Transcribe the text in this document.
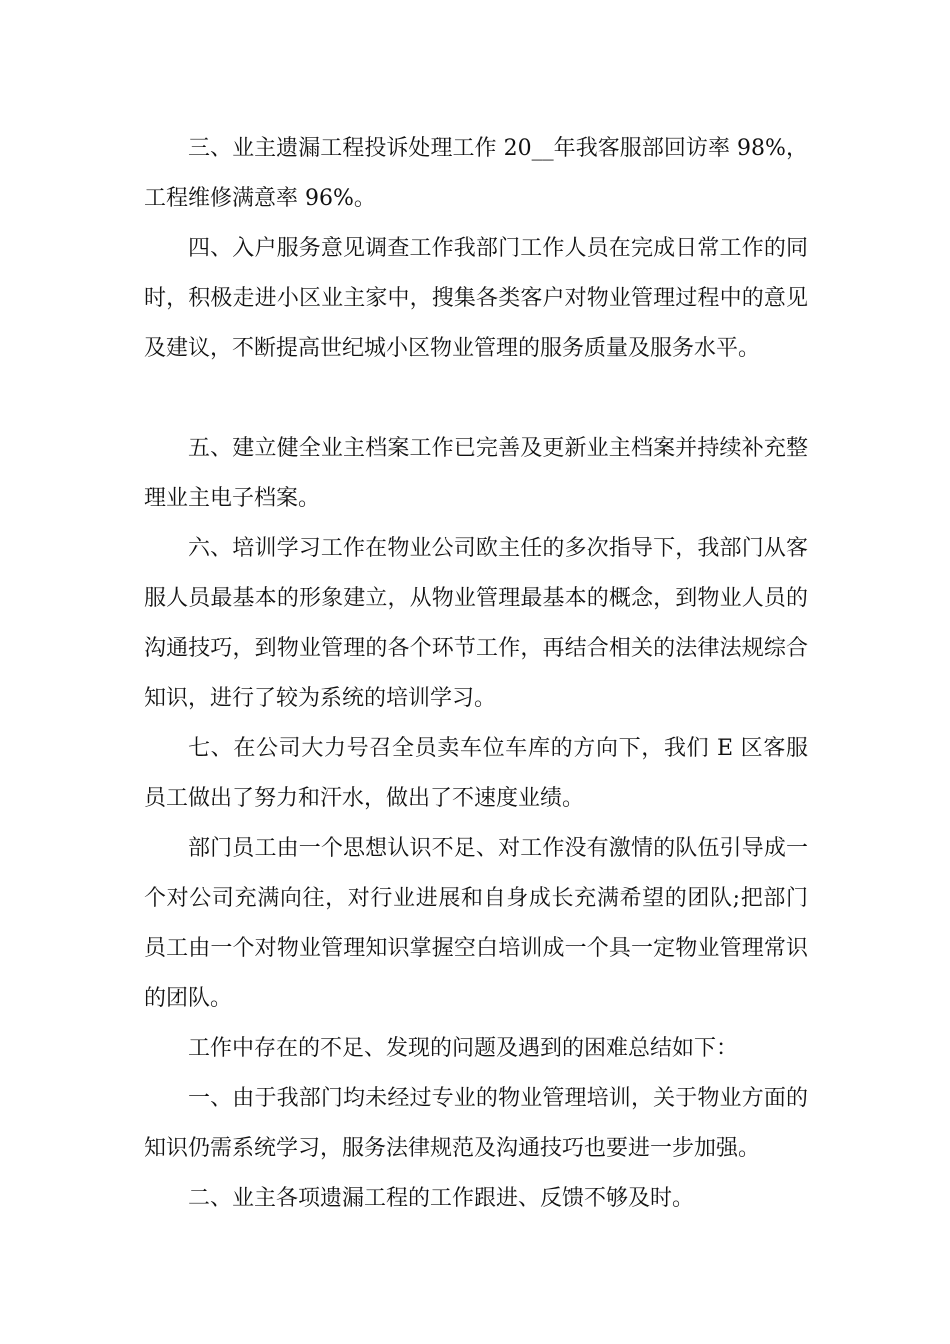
三、业主遗漏工程投诉处理工作 20__年我客服部回访率 98%，工程维修满意率 96%。

四、入户服务意见调查工作我部门工作人员在完成日常工作的同时，积极走进小区业主家中，搜集各类客户对物业管理过程中的意见及建议，不断提高世纪城小区物业管理的服务质量及服务水平。

五、建立健全业主档案工作已完善及更新业主档案并持续补充整理业主电子档案。

六、培训学习工作在物业公司欧主任的多次指导下，我部门从客服人员最基本的形象建立，从物业管理最基本的概念，到物业人员的沟通技巧，到物业管理的各个环节工作，再结合相关的法律法规综合知识，进行了较为系统的培训学习。

七、在公司大力号召全员卖车位车库的方向下，我们 E 区客服员工做出了努力和汗水，做出了不速度业绩。

部门员工由一个思想认识不足、对工作没有激情的队伍引导成一个对公司充满向往，对行业进展和自身成长充满希望的团队;把部门员工由一个对物业管理知识掌握空白培训成一个具一定物业管理常识的团队。

工作中存在的不足、发现的问题及遇到的困难总结如下：

一、由于我部门均未经过专业的物业管理培训，关于物业方面的知识仍需系统学习，服务法律规范及沟通技巧也要进一步加强。

二、业主各项遗漏工程的工作跟进、反馈不够及时。
